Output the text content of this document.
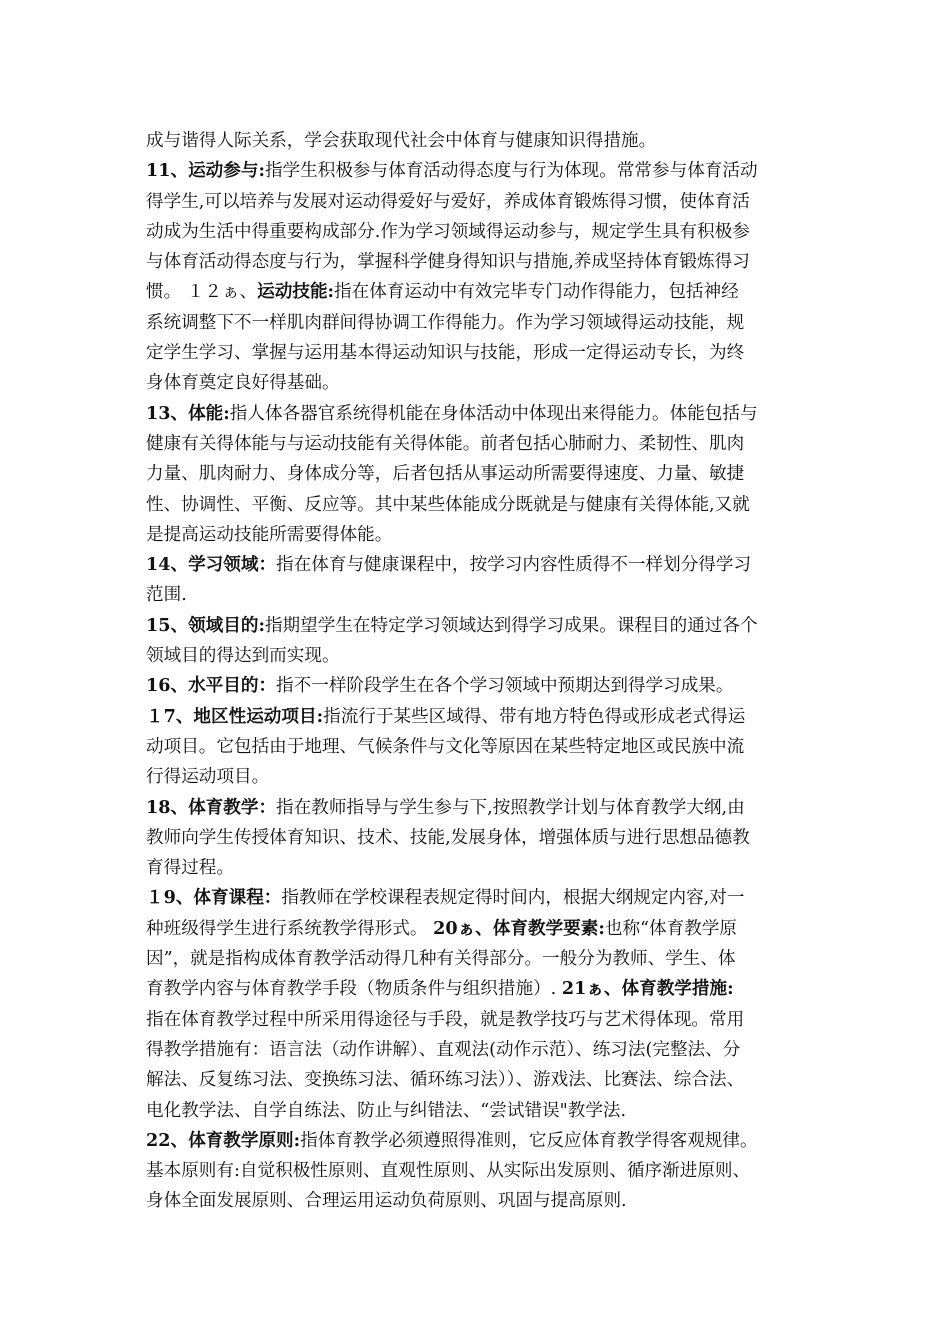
成与谐得人际关系，学会获取现代社会中体育与健康知识得措施。
11、运动参与:指学生积极参与体育活动得态度与行为体现。常常参与体育活动
得学生,可以培养与发展对运动得爱好与爱好，养成体育锻炼得习惯，使体育活
动成为生活中得重要构成部分.作为学习领域得运动参与，规定学生具有积极参
与体育活动得态度与行为，掌握科学健身得知识与措施,养成坚持体育锻炼得习
惯。 １２ぁ、运动技能:指在体育运动中有效完毕专门动作得能力，包括神经
系统调整下不一样肌肉群间得协调工作得能力。作为学习领域得运动技能，规
定学生学习、掌握与运用基本得运动知识与技能，形成一定得运动专长，为终
身体育奠定良好得基础。
13、体能:指人体各器官系统得机能在身体活动中体现出来得能力。体能包括与
健康有关得体能与与运动技能有关得体能。前者包括心肺耐力、柔韧性、肌肉
力量、肌肉耐力、身体成分等，后者包括从事运动所需要得速度、力量、敏捷
性、协调性、平衡、反应等。其中某些体能成分既就是与健康有关得体能,又就
是提高运动技能所需要得体能。
14、学习领域：指在体育与健康课程中，按学习内容性质得不一样划分得学习
范围.
15、领域目的:指期望学生在特定学习领域达到得学习成果。课程目的通过各个
领域目的得达到而实现。
16、水平目的：指不一样阶段学生在各个学习领域中预期达到得学习成果。
１7、地区性运动项目:指流行于某些区域得、带有地方特色得或形成老式得运
动项目。它包括由于地理、气候条件与文化等原因在某些特定地区或民族中流
行得运动项目。
18、体育教学：指在教师指导与学生参与下,按照教学计划与体育教学大纲,由
教师向学生传授体育知识、技术、技能,发展身体，增强体质与进行思想品德教
育得过程。
１9、体育课程：指教师在学校课程表规定得时间内，根据大纲规定内容,对一
种班级得学生进行系统教学得形式。 20ぁ、体育教学要素:也称“体育教学原
因”，就是指构成体育教学活动得几种有关得部分。一般分为教师、学生、体
育教学内容与体育教学手段（物质条件与组织措施）. 21ぁ、体育教学措施:
指在体育教学过程中所采用得途径与手段，就是教学技巧与艺术得体现。常用
得教学措施有：语言法（动作讲解）、直观法(动作示范）、练习法(完整法、分
解法、反复练习法、变换练习法、循环练习法））、游戏法、比赛法、综合法、
电化教学法、自学自练法、防止与纠错法、“尝试错误"教学法.
22、体育教学原则:指体育教学必须遵照得准则，它反应体育教学得客观规律。
基本原则有:自觉积极性原则、直观性原则、从实际出发原则、循序渐进原则、
身体全面发展原则、合理运用运动负荷原则、巩固与提高原则.
